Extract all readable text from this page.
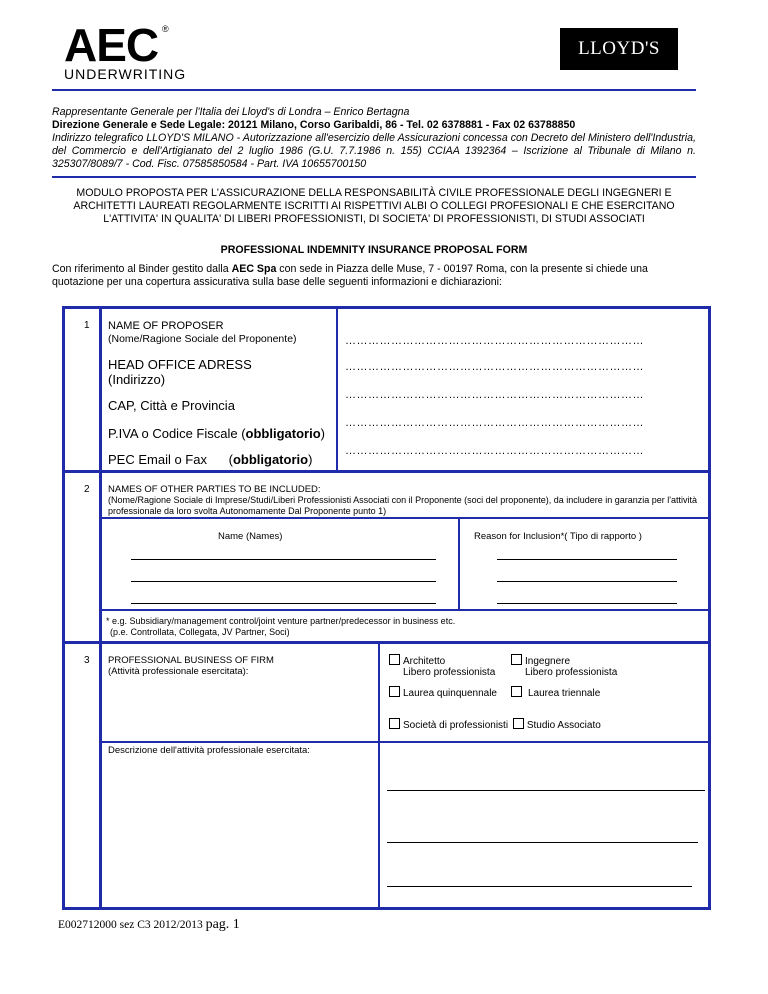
AEC
UNDERWRITING
®
LLOYD'S
Rappresentante Generale per l'Italia dei Lloyd's di Londra – Enrico Bertagna
Direzione Generale e Sede Legale: 20121 Milano, Corso Garibaldi, 86 - Tel. 02 6378881 - Fax 02 63788850
Indirizzo telegrafico LLOYD'S MILANO - Autorizzazione all'esercizio delle Assicurazioni concessa con Decreto del Ministero dell'Industria, del Commercio e dell'Artigianato del 2 luglio 1986 (G.U. 7.7.1986 n. 155) CCIAA 1392364 – Iscrizione al Tribunale di Milano n. 325307/8089/7 - Cod. Fisc. 07585850584 - Part. IVA 10655700150
MODULO PROPOSTA PER L'ASSICURAZIONE DELLA RESPONSABILITÀ CIVILE PROFESSIONALE DEGLI INGEGNERI E ARCHITETTI LAUREATI REGOLARMENTE ISCRITTI AI RISPETTIVI ALBI O COLLEGI PROFESIONALI E CHE ESERCITANO L'ATTIVITA' IN QUALITA' DI LIBERI PROFESSIONISTI, DI SOCIETA' DI PROFESSIONISTI, DI STUDI ASSOCIATI
PROFESSIONAL INDEMNITY INSURANCE PROPOSAL FORM
Con riferimento al Binder gestito dalla AEC Spa con sede in Piazza delle Muse, 7 - 00197 Roma, con la presente si chiede una quotazione per una copertura assicurativa sulla base delle seguenti informazioni e dichiarazioni:
1 NAME OF PROPOSER
(Nome/Ragione Sociale del Proponente)
HEAD OFFICE ADRESS
(Indirizzo)
CAP, Città e Provincia
P.IVA o Codice Fiscale (obbligatorio)
PEC Email o Fax (obbligatorio)
……………………………………………………………………
……………………………………………………………………
……………………………………………………………………
……………………………………………………………………
……………………………………………………………………
2 NAMES OF OTHER PARTIES TO BE INCLUDED:
(Nome/Ragione Sociale di Imprese/Studi/Liberi Professionisti Associati con il Proponente (soci del proponente), da includere in garanzia per l'attività professionale da loro svolta Autonomamente Dal Proponente punto 1)
Name (Names)	Reason for Inclusion*( Tipo di rapporto )
* e.g. Subsidiary/management control/joint venture partner/predecessor in business etc.
(p.e. Controllata, Collegata, JV Partner, Soci)
3 PROFESSIONAL BUSINESS OF FIRM
(Attività professionale esercitata):
Architetto
Libero professionista
Ingegnere
Libero professionista
Laurea quinquennale	Laurea triennale
Società di professionisti Studio Associato
Descrizione dell'attività professionale esercitata:
E002712000 sez C3 2012/2013 pag. 1
